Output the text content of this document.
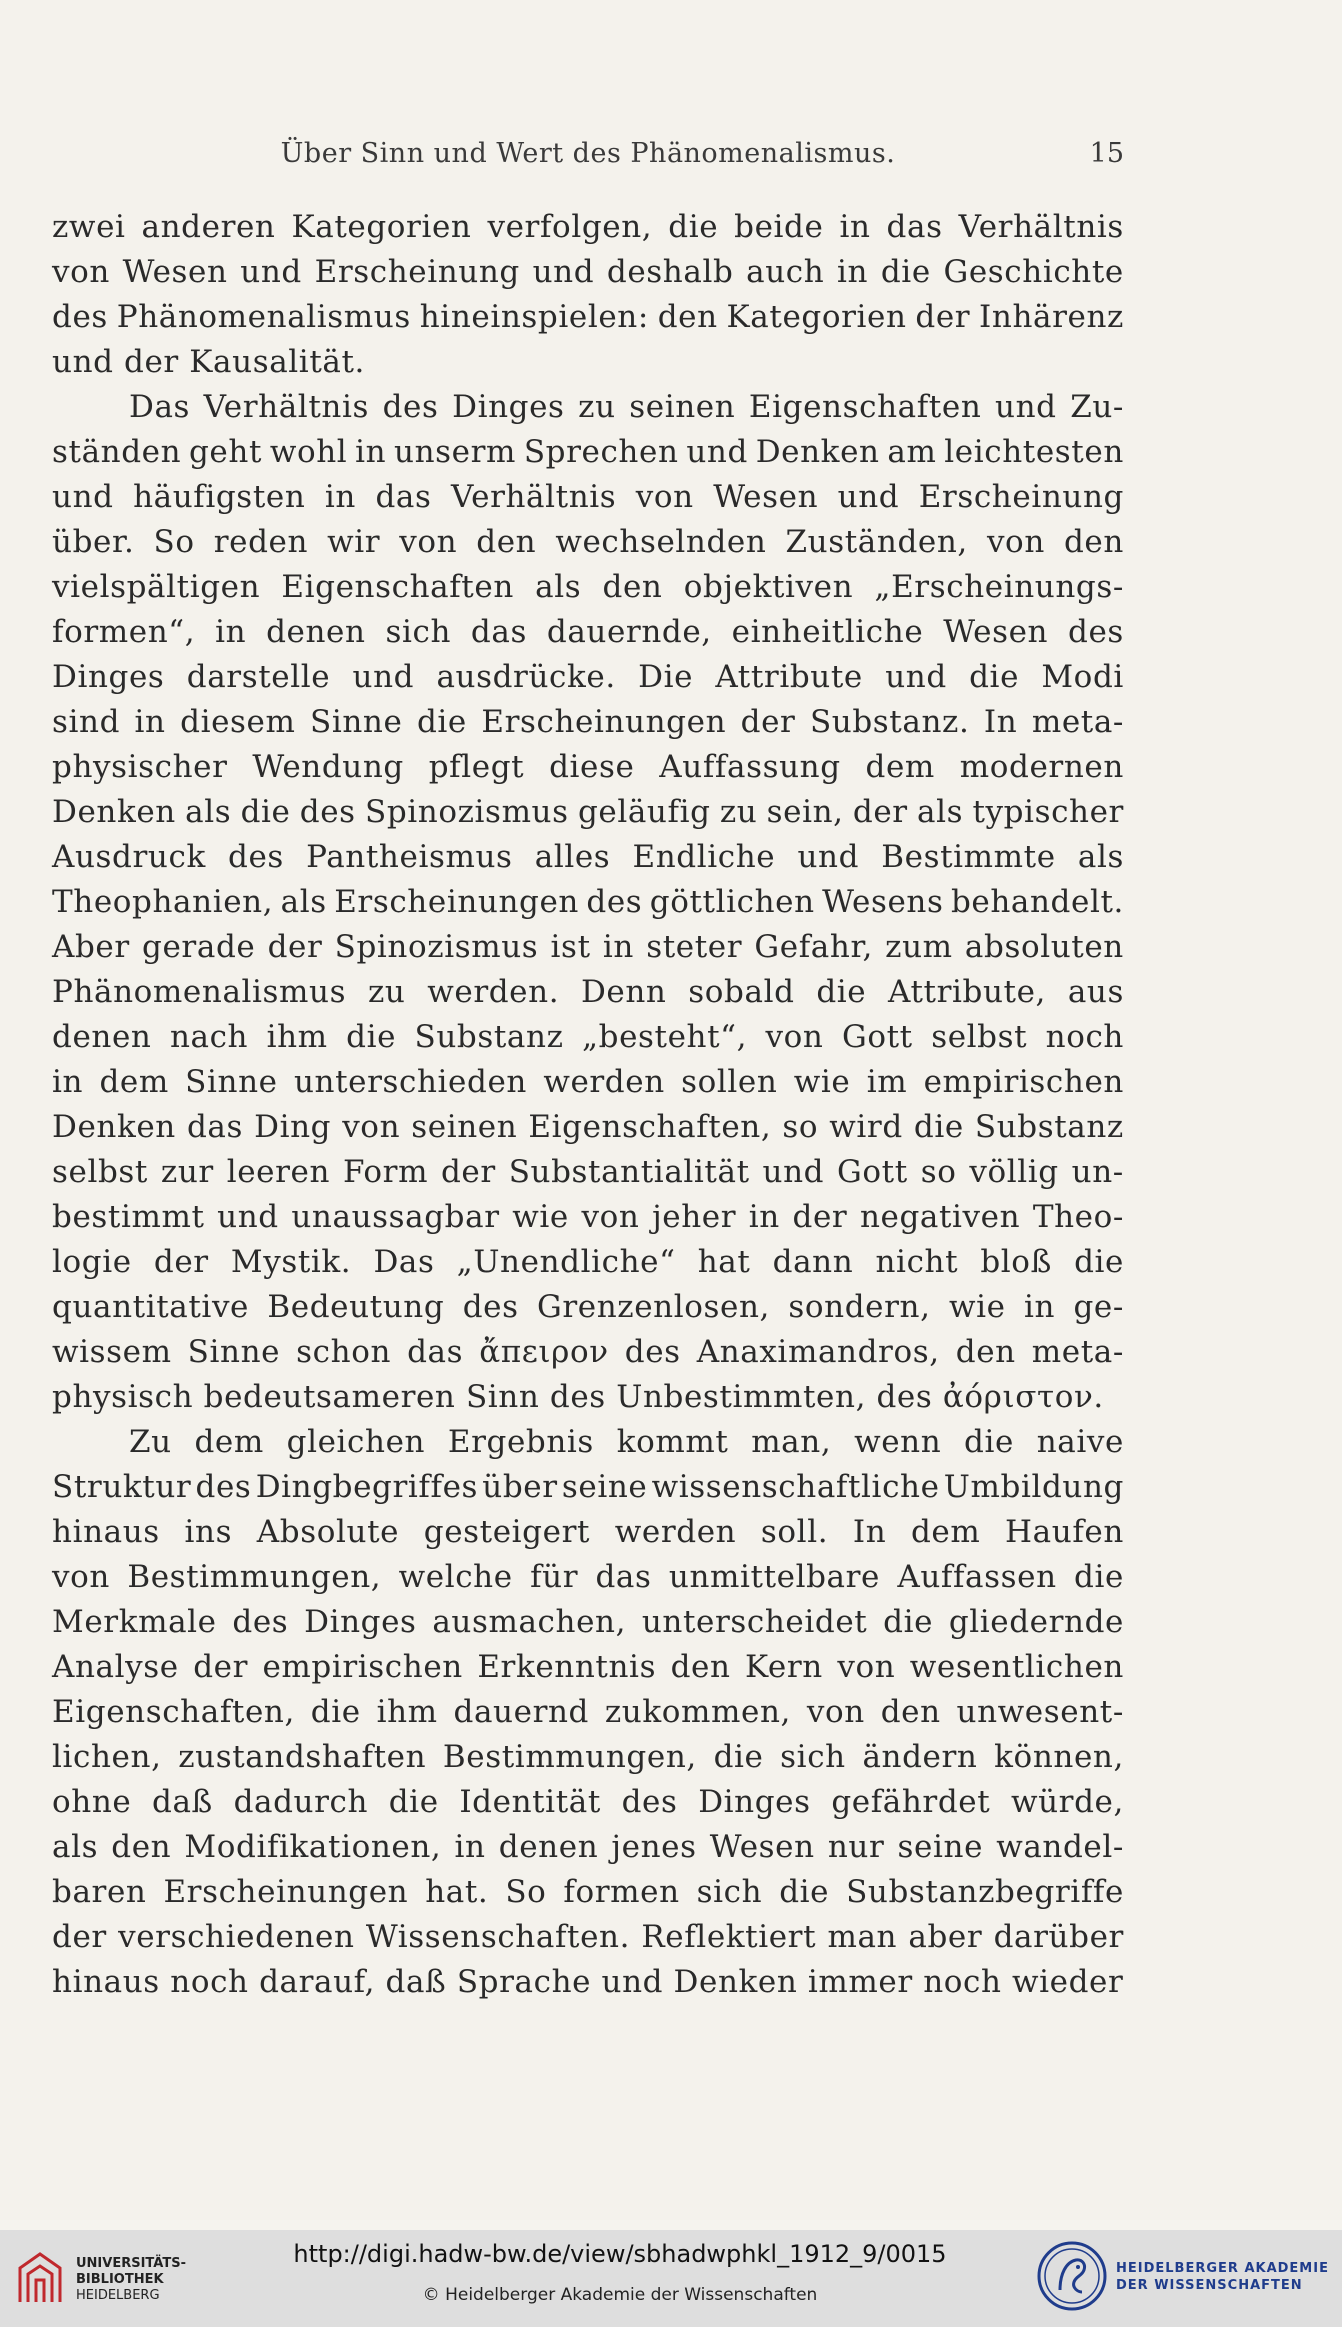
Über Sinn und Wert des Phänomenalismus.	15
zwei anderen Kategorien verfolgen, die beide in das Verhältnis
von Wesen und Erscheinung und deshalb auch in die Geschichte
des Phänomenalismus hineinspielen: den Kategorien der Inhärenz
und der Kausalität.
Das Verhältnis des Dinges zu seinen Eigenschaften und Zu-
ständen geht wohl in unserm Sprechen und Denken am leichtesten
und häufigsten in das Verhältnis von Wesen und Erscheinung
über. So reden wir von den wechselnden Zuständen, von den
vielspältigen Eigenschaften als den objektiven „Erscheinungs-
formen“, in denen sich das dauernde, einheitliche Wesen des
Dinges darstelle und ausdrücke. Die Attribute und die Modi
sind in diesem Sinne die Erscheinungen der Substanz. In meta-
physischer Wendung pflegt diese Auffassung dem modernen
Denken als die des Spinozismus geläufig zu sein, der als typischer
Ausdruck des Pantheismus alles Endliche und Bestimmte als
Theophanien, als Erscheinungen des göttlichen Wesens behandelt.
Aber gerade der Spinozismus ist in steter Gefahr, zum absoluten
Phänomenalismus zu werden. Denn sobald die Attribute, aus
denen nach ihm die Substanz „besteht“, von Gott selbst noch
in dem Sinne unterschieden werden sollen wie im empirischen
Denken das Ding von seinen Eigenschaften, so wird die Substanz
selbst zur leeren Form der Substantialität und Gott so völlig un-
bestimmt und unaussagbar wie von jeher in der negativen Theo-
logie der Mystik. Das „Unendliche“ hat dann nicht bloß die
quantitative Bedeutung des Grenzenlosen, sondern, wie in ge-
wissem Sinne schon das ἄπειρον des Anaximandros, den meta-
physisch bedeutsameren Sinn des Unbestimmten, des ἀόριστον.
Zu dem gleichen Ergebnis kommt man, wenn die naive
Struktur des Dingbegriffes über seine wissenschaftliche Umbildung
hinaus ins Absolute gesteigert werden soll. In dem Haufen
von Bestimmungen, welche für das unmittelbare Auffassen die
Merkmale des Dinges ausmachen, unterscheidet die gliedernde
Analyse der empirischen Erkenntnis den Kern von wesentlichen
Eigenschaften, die ihm dauernd zukommen, von den unwesent-
lichen, zustandshaften Bestimmungen, die sich ändern können,
ohne daß dadurch die Identität des Dinges gefährdet würde,
als den Modifikationen, in denen jenes Wesen nur seine wandel-
baren Erscheinungen hat. So formen sich die Substanzbegriffe
der verschiedenen Wissenschaften. Reflektiert man aber darüber
hinaus noch darauf, daß Sprache und Denken immer noch wieder
UNIVERSITÄTS-
BIBLIOTHEK
HEIDELBERG
http://digi.hadw-bw.de/view/sbhadwphkl_1912_9/0015
© Heidelberger Akademie der Wissenschaften
HEIDELBERGER AKADEMIE
DER WISSENSCHAFTEN
